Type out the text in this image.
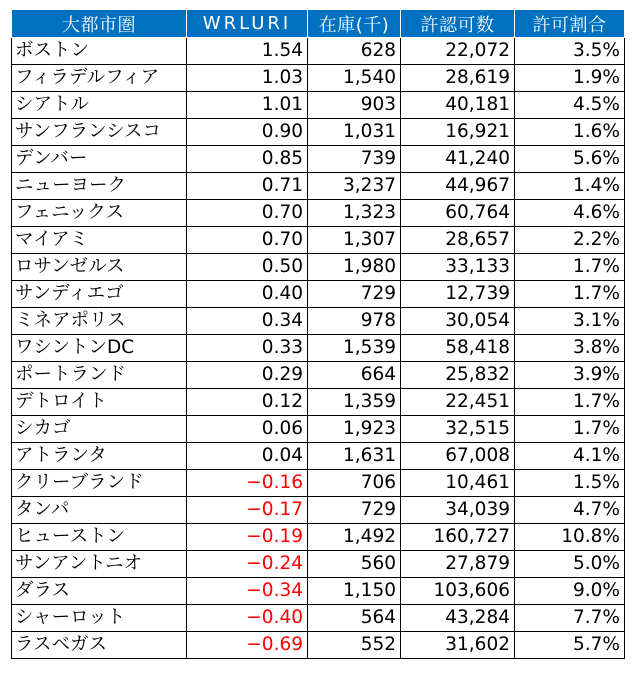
大都市圏	WRLURI	在庫(千)	許認可数	許可割合
ボストン	1.54	628	22,072	3.5%
フィラデルフィア	1.03	1,540	28,619	1.9%
シアトル	1.01	903	40,181	4.5%
サンフランシスコ	0.90	1,031	16,921	1.6%
デンバー	0.85	739	41,240	5.6%
ニューヨーク	0.71	3,237	44,967	1.4%
フェニックス	0.70	1,323	60,764	4.6%
マイアミ	0.70	1,307	28,657	2.2%
ロサンゼルス	0.50	1,980	33,133	1.7%
サンディエゴ	0.40	729	12,739	1.7%
ミネアポリス	0.34	978	30,054	3.1%
ワシントンDC	0.33	1,539	58,418	3.8%
ポートランド	0.29	664	25,832	3.9%
デトロイト	0.12	1,359	22,451	1.7%
シカゴ	0.06	1,923	32,515	1.7%
アトランタ	0.04	1,631	67,008	4.1%
クリーブランド	−0.16	706	10,461	1.5%
タンパ	−0.17	729	34,039	4.7%
ヒューストン	−0.19	1,492	160,727	10.8%
サンアントニオ	−0.24	560	27,879	5.0%
ダラス	−0.34	1,150	103,606	9.0%
シャーロット	−0.40	564	43,284	7.7%
ラスベガス	−0.69	552	31,602	5.7%
